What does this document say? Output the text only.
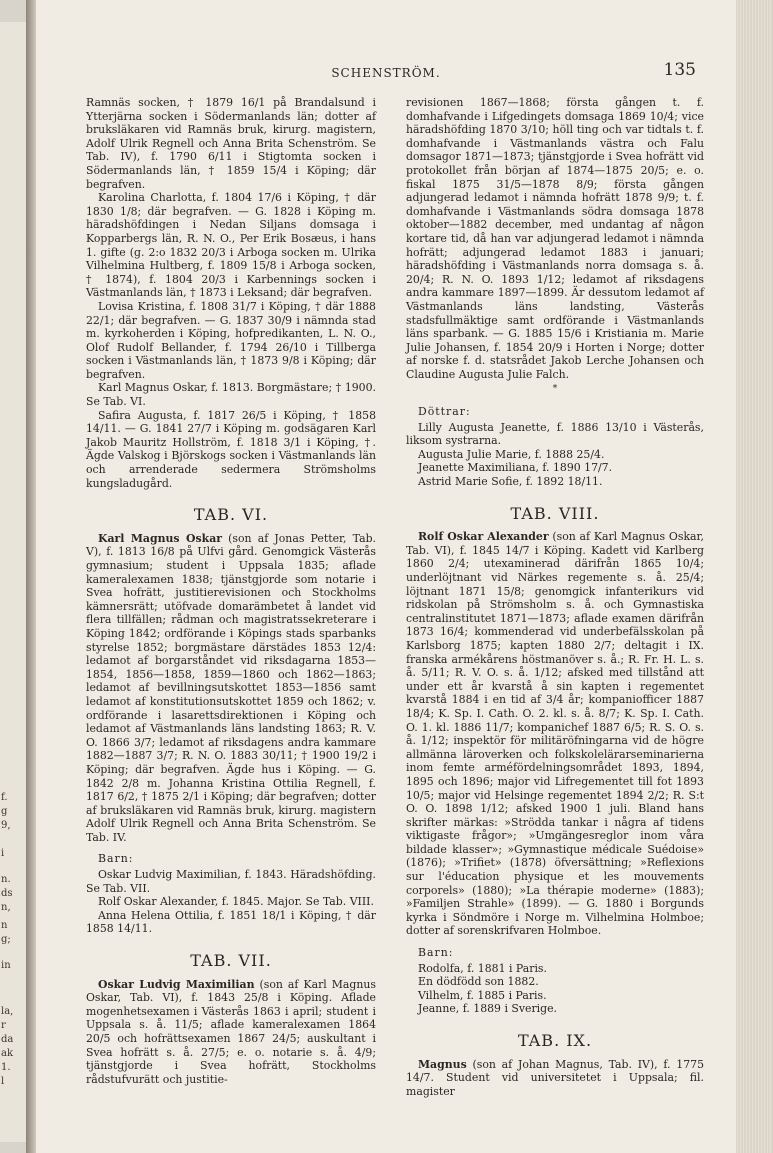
f.
g
9,
i
n.
ds
n,
n
g;
in
la,
r
da
ak
1.
l
SCHENSTRÖM.	135

Ramnäs socken, † 1879 16/1 på Brandalsund i Ytterjärna socken i Södermanlands län; dotter af bruksläkaren vid Ramnäs bruk, kirurg. magistern, Adolf Ulrik Regnell och Anna Brita Schenström. Se Tab. IV), f. 1790 6/11 i Stigtomta socken i Södermanlands län, † 1859 15/4 i Köping; där begrafven.

Karolina Charlotta, f. 1804 17/6 i Köping, † där 1830 1/8; där begrafven. — G. 1828 i Köping m. häradshöfdingen i Nedan Siljans domsaga i Kopparbergs län, R. N. O., Per Erik Bosæus, i hans 1. gifte (g. 2:o 1832 20/3 i Arboga socken m. Ulrika Vilhelmina Hultberg, f. 1809 15/8 i Arboga socken, † 1874), f. 1804 20/3 i Karbennings socken i Västmanlands län, † 1873 i Leksand; där begrafven.

Lovisa Kristina, f. 1808 31/7 i Köping, † där 1888 22/1; där begrafven. — G. 1837 30/9 i nämnda stad m. kyrkoherden i Köping, hofpredikanten, L. N. O., Olof Rudolf Bellander, f. 1794 26/10 i Tillberga socken i Västmanlands län, † 1873 9/8 i Köping; där begrafven.

Karl Magnus Oskar, f. 1813. Borgmästare; † 1900. Se Tab. VI.

Safira Augusta, f. 1817 26/5 i Köping, † 1858 14/11. — G. 1841 27/7 i Köping m. godsägaren Karl Jakob Mauritz Hollström, f. 1818 3/1 i Köping, †. Ägde Valskog i Björskogs socken i Västmanlands län och arrenderade sedermera Strömsholms kungsladugård.

TAB. VI.

Karl Magnus Oskar (son af Jonas Petter, Tab. V), f. 1813 16/8 på Ulfvi gård. Genomgick Västerås gymnasium; student i Uppsala 1835; aflade kameralexamen 1838; tjänstgjorde som notarie i Svea hofrätt, justitierevisionen och Stockholms kämnersrätt; utöfvade domarämbetet å landet vid flera tillfällen; rådman och magistratssekreterare i Köping 1842; ordförande i Köpings stads sparbanks styrelse 1852; borgmästare därstädes 1853 12/4: ledamot af borgarståndet vid riksdagarna 1853—1854, 1856—1858, 1859—1860 och 1862—1863; ledamot af bevillningsutskottet 1853—1856 samt ledamot af konstitutionsutskottet 1859 och 1862; v. ordförande i lasarettsdirektionen i Köping och ledamot af Västmanlands läns landsting 1863; R. V. O. 1866 3/7; ledamot af riksdagens andra kammare 1882—1887 3/7; R. N. O. 1883 30/11; † 1900 19/2 i Köping; där begrafven. Ägde hus i Köping. — G. 1842 2/8 m. Johanna Kristina Ottilia Regnell, f. 1817 6/2, † 1875 2/1 i Köping; där begrafven; dotter af bruksläkaren vid Ramnäs bruk, kirurg. magistern Adolf Ulrik Regnell och Anna Brita Schenström. Se Tab. IV.

Barn:

Oskar Ludvig Maximilian, f. 1843. Häradshöfding. Se Tab. VII.

Rolf Oskar Alexander, f. 1845. Major. Se Tab. VIII.

Anna Helena Ottilia, f. 1851 18/1 i Köping, † där 1858 14/11.

TAB. VII.

Oskar Ludvig Maximilian (son af Karl Magnus Oskar, Tab. VI), f. 1843 25/8 i Köping. Aflade mogenhetsexamen i Västerås 1863 i april; student i Uppsala s. å. 11/5; aflade kameralexamen 1864 20/5 och hofrättsexamen 1867 24/5; auskultant i Svea hofrätt s. å. 27/5; e. o. notarie s. å. 4/9; tjänstgjorde i Svea hofrätt, Stockholms rådstufvurätt och justitie-

revisionen 1867—1868; första gången t. f. domhafvande i Lifgedingets domsaga 1869 10/4; vice häradshöfding 1870 3/10; höll ting och var tidtals t. f. domhafvande i Västmanlands västra och Falu domsagor 1871—1873; tjänstgjorde i Svea hofrätt vid protokollet från början af 1874—1875 20/5; e. o. fiskal 1875 31/5—1878 8/9; första gången adjungerad ledamot i nämnda hofrätt 1878 9/9; t. f. domhafvande i Västmanlands södra domsaga 1878 oktober—1882 december, med undantag af någon kortare tid, då han var adjungerad ledamot i nämnda hofrätt; adjungerad ledamot 1883 i januari; häradshöfding i Västmanlands norra domsaga s. å. 20/4; R. N. O. 1893 1/12; ledamot af riksdagens andra kammare 1897—1899. Är dessutom ledamot af Västmanlands läns landsting, Västerås stadsfullmäktige samt ordförande i Västmanlands läns sparbank. — G. 1885 15/6 i Kristiania m. Marie Julie Johansen, f. 1854 20/9 i Horten i Norge; dotter af norske f. d. statsrådet Jakob Lerche Johansen och Claudine Augusta Julie Falch.

*
Döttrar:

Lilly Augusta Jeanette, f. 1886 13/10 i Västerås, liksom systrarna.

Augusta Julie Marie, f. 1888 25/4.

Jeanette Maximiliana, f. 1890 17/7.

Astrid Marie Sofie, f. 1892 18/11.

TAB. VIII.

Rolf Oskar Alexander (son af Karl Magnus Oskar, Tab. VI), f. 1845 14/7 i Köping. Kadett vid Karlberg 1860 2/4; utexaminerad därifrån 1865 10/4; underlöjtnant vid Närkes regemente s. å. 25/4; löjtnant 1871 15/8; genomgick infanterikurs vid ridskolan på Strömsholm s. å. och Gymnastiska centralinstitutet 1871—1873; aflade examen därifrån 1873 16/4; kommenderad vid underbefälsskolan på Karlsborg 1875; kapten 1880 2/7; deltagit i IX. franska armékårens höstmanöver s. å.; R. Fr. H. L. s. å. 5/11; R. V. O. s. å. 1/12; afsked med tillstånd att under ett år kvarstå å sin kapten i regementet kvarstå 1884 i en tid af 3/4 år; kompaniofficer 1887 18/4; K. Sp. I. Cath. O. 2. kl. s. å. 8/7; K. Sp. I. Cath. O. 1. kl. 1886 11/7; kompanichef 1887 6/5; R. S. O. s. å. 1/12; inspektör för militäröfningarna vid de högre allmänna läroverken och folkskolelärarseminarierna inom femte arméfördelningsområdet 1893, 1894, 1895 och 1896; major vid Lifregementet till fot 1893 10/5; major vid Helsinge regementet 1894 2/2; R. S:t O. O. 1898 1/12; afsked 1900 1 juli. Bland hans skrifter märkas: »Strödda tankar i några af tidens viktigaste frågor»; »Umgängesreglor inom våra bildade klasser»; »Gymnastique médicale Suédoise» (1876); »Trifiet» (1878) öfversättning; »Reflexions sur l'éducation physique et les mouvements corporels» (1880); »La thérapie moderne» (1883); »Familjen Strahle» (1899). — G. 1880 i Borgunds kyrka i Söndmöre i Norge m. Vilhelmina Holmboe; dotter af sorenskrifvaren Holmboe.

Barn:

Rodolfa, f. 1881 i Paris.

En dödfödd son 1882.

Vilhelm, f. 1885 i Paris.

Jeanne, f. 1889 i Sverige.

TAB. IX.

Magnus (son af Johan Magnus, Tab. IV), f. 1775 14/7. Student vid universitetet i Uppsala; fil. magister
